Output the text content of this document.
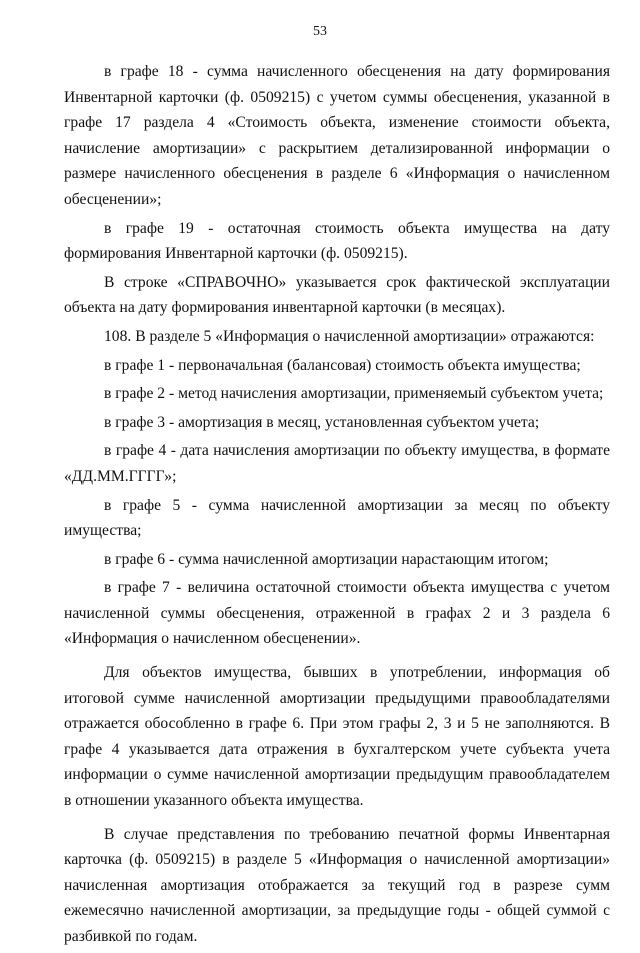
53

в графе 18 - сумма начисленного обесценения на дату формирования Инвентарной карточки (ф. 0509215) с учетом суммы обесценения, указанной в графе 17 раздела 4 «Стоимость объекта, изменение стоимости объекта, начисление амортизации» с раскрытием детализированной информации о размере начисленного обесценения в разделе 6 «Информация о начисленном обесценении»;

в графе 19 - остаточная стоимость объекта имущества на дату формирования Инвентарной карточки (ф. 0509215).

В строке «СПРАВОЧНО» указывается срок фактической эксплуатации объекта на дату формирования инвентарной карточки (в месяцах).

108. В разделе 5 «Информация о начисленной амортизации» отражаются:

в графе 1 - первоначальная (балансовая) стоимость объекта имущества;

в графе 2 - метод начисления амортизации, применяемый субъектом учета;

в графе 3 - амортизация в месяц, установленная субъектом учета;

в графе 4 - дата начисления амортизации по объекту имущества, в формате «ДД.ММ.ГГГГ»;

в графе 5 - сумма начисленной амортизации за месяц по объекту имущества;

в графе 6 - сумма начисленной амортизации нарастающим итогом;

в графе 7 - величина остаточной стоимости объекта имущества с учетом начисленной суммы обесценения, отраженной в графах 2 и 3 раздела 6 «Информация о начисленном обесценении».

Для объектов имущества, бывших в употреблении, информация об итоговой сумме начисленной амортизации предыдущими правообладателями отражается обособленно в графе 6. При этом графы 2, 3 и 5 не заполняются. В графе 4 указывается дата отражения в бухгалтерском учете субъекта учета информации о сумме начисленной амортизации предыдущим правообладателем в отношении указанного объекта имущества.

В случае представления по требованию печатной формы Инвентарная карточка (ф. 0509215) в разделе 5 «Информация о начисленной амортизации» начисленная амортизация отображается за текущий год в разрезе сумм ежемесячно начисленной амортизации, за предыдущие годы - общей суммой с разбивкой по годам.
